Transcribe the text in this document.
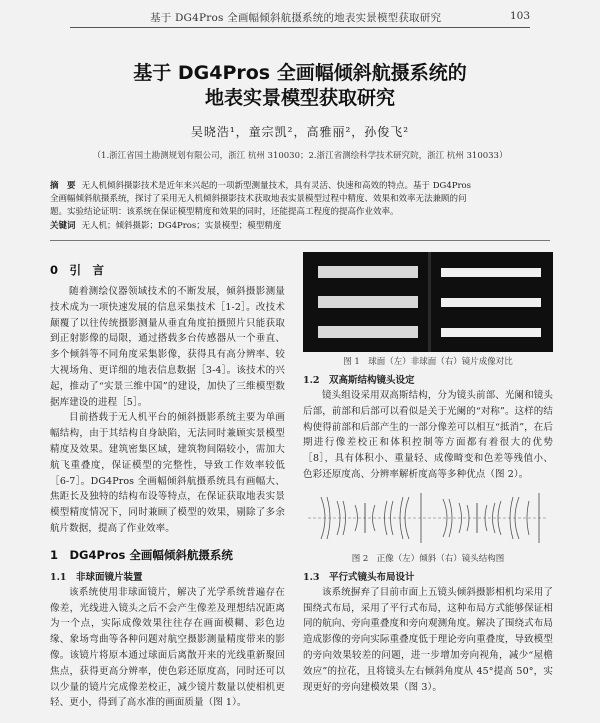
基于 DG4Pros 全画幅倾斜航摄系统的地表实景模型获取研究	103
基于 DG4Pros 全画幅倾斜航摄系统的
地表实景模型获取研究
吴晓浩¹，童宗凯²，高雅丽²，孙俊飞²
（1.浙江省国土勘测规划有限公司，浙江 杭州 310030；2.浙江省测绘科学技术研究院，浙江 杭州 310033）
摘　要 无人机倾斜摄影技术是近年来兴起的一项新型测量技术，具有灵活、快速和高效的特点。基于 DG4Pros
全画幅倾斜航摄系统，探讨了采用无人机倾斜摄影技术获取地表实景模型过程中精度、效果和效率无法兼顾的问
题。实验结论证明：该系统在保证模型精度和效果的同时，还能提高工程度的提高作业效率。
关键词 无人机；倾斜摄影；DG4Pros；实景模型；模型精度
0　引　言

随着测绘仪器领域技术的不断发展，倾斜摄影测量技术成为一项快速发展的信息采集技术［1-2］。改技术颠覆了以往传统摄影测量从垂直角度拍摄照片只能获取到正射影像的局限，通过搭载多台传感器从一个垂直、多个倾斜等不同角度采集影像，获得具有高分辨率、较大视场角、更详细的地表信息数据［3-4］。该技术的兴起，推动了“实景三维中国”的建设，加快了三维模型数据库建设的进程［5］。

目前搭载于无人机平台的倾斜摄影系统主要为单画幅结构，由于其结构自身缺陷，无法同时兼顾实景模型精度及效果。建筑密集区域，建筑物间隔较小，需加大航飞重叠度，保证模型的完整性，导致工作效率较低［6-7］。DG4Pros 全画幅倾斜航摄系统具有画幅大、焦距长及独特的结构布设等特点，在保证获取地表实景模型精度情况下，同时兼顾了模型的效果，剔除了多余航片数据，提高了作业效率。

1　DG4Pros 全画幅倾斜航摄系统
1.1　非球面镜片装置

该系统使用非球面镜片，解决了光学系统普遍存在像差，光线进入镜头之后不会产生像差及理想结况距离为一个点，实际成像效果往往存在画面模糊、彩色边缘、象场弯曲等各种问题对航空摄影测量精度带来的影像。该镜片将原本通过球面后离散开来的光线重新聚回焦点，获得更高分辨率，使色彩还原度高，同时还可以以少量的镜片完成像差校正，减少镜片数量以使相机更轻、更小，得到了高水准的画面质量（图 1）。

图 1　球面（左）非球面（右）镜片成像对比
1.2　双高斯结构镜头设定

镜头组设采用双高斯结构，分为镜头前部、光阑和镜头后部，前部和后部可以看似是关于光阑的“对称”。这样的结构使得前部和后部产生的一部分像差可以相互“抵消”，在后期进行像差校正和体积控制等方面都有着很大的优势［8］，具有体积小、重量轻、成像畸变和色差等残值小、色彩还原度高、分辨率解析度高等多种优点（图 2）。

图 2　正像（左）倾斜（右）镜头结构图
1.3　平行式镜头布局设计

该系统摒弃了目前市面上五镜头倾斜摄影相机均采用了围绕式布局，采用了平行式布局，这种布局方式能够保证相同的航向、旁向重叠度和旁向观测角度。解决了围绕式布局造成影像的旁向实际重叠度低于理论旁向重叠度，导致模型的旁向效果较差的问题，进一步增加旁向视角，减少“屋檐效应”的拉花，且将镜头左右倾斜角度从 45°提高 50°，实现更好的旁向建模效果（图 3）。
